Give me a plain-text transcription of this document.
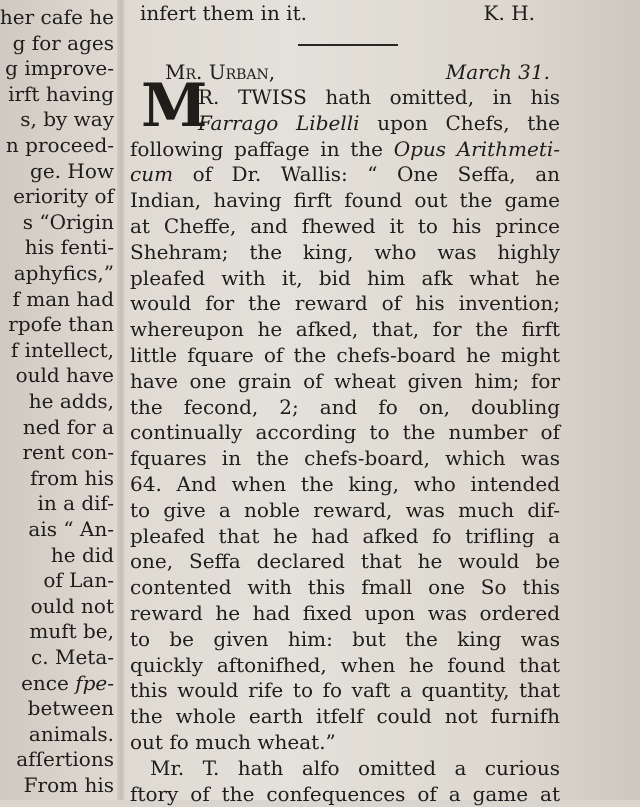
her cafe he
g for ages
g improve-
irft having
s, by way
n proceed-
ge. How
eriority of
s “Origin
his fenti-
aphyfics,”
f man had
rpofe than
f intellect,
ould have
he adds,
ned for a
rent con-
from his
in a dif-
ais “ An-
he did
of Lan-
ould not
muft be,
c. Meta-
ence fpe-
between
animals.
afſertions
From his
infert them in it.	K. H.
Mr. Urban,	March 31.
M
R. TWISS hath omitted, in his
Farrago Libelli upon Chefs, the
following paffage in the Opus Arithmeti-
cum of Dr. Wallis: “ One Seffa, an
Indian, having firft found out the game
at Cheffe, and fhewed it to his prince
Shehram; the king, who was highly
pleafed with it, bid him afk what he
would for the reward of his invention;
whereupon he afked, that, for the firft
little fquare of the chefs-board he might
have one grain of wheat given him; for
the fecond, 2; and fo on, doubling
continually according to the number of
fquares in the chefs-board, which was
64. And when the king, who intended
to give a noble reward, was much dif-
pleafed that he had afked fo trifling a
one, Seffa declared that he would be
contented with this fmall one So this
reward he had fixed upon was ordered
to be given him: but the king was
quickly aftonifhed, when he found that
this would rife to fo vaft a quantity, that
the whole earth itfelf could not furnifh
out fo much wheat.”
Mr. T. hath alfo omitted a curious
ftory of the confequences of a game at
